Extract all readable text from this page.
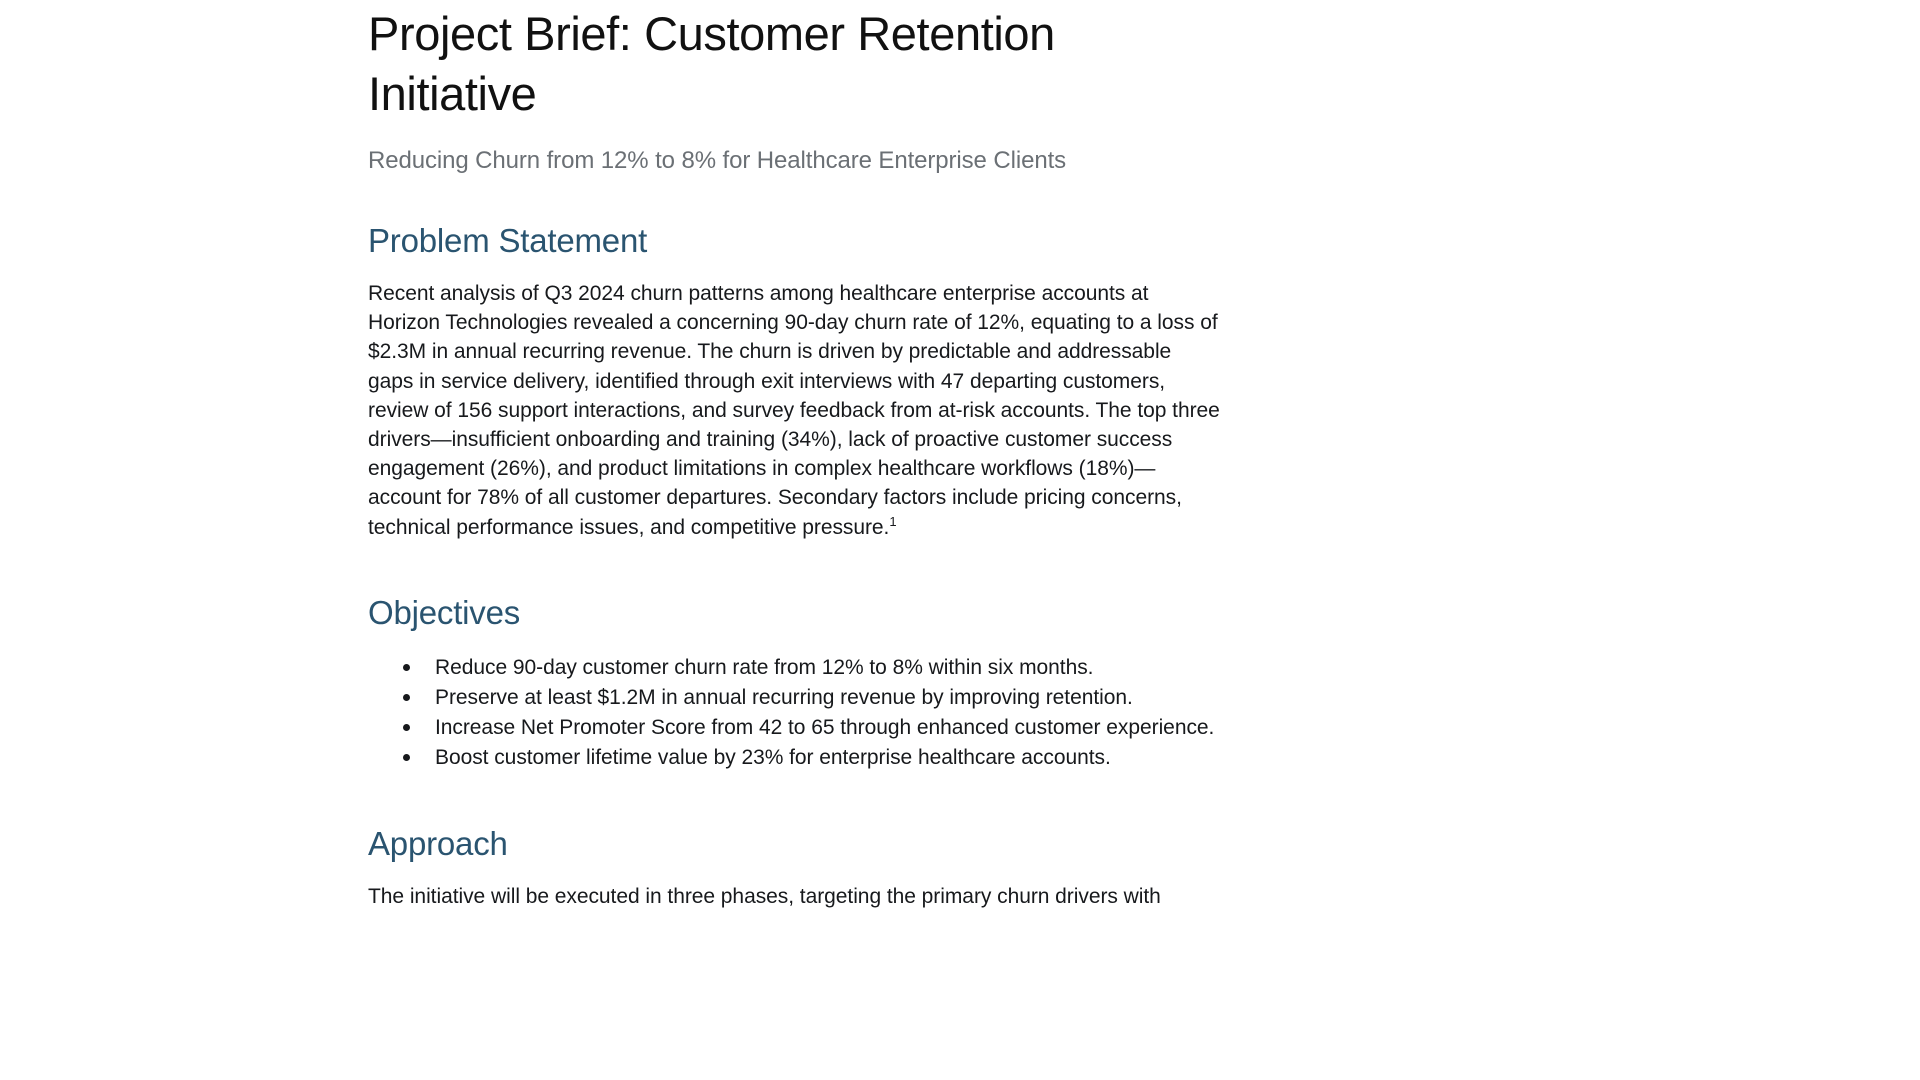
Project Brief: Customer Retention Initiative

Reducing Churn from 12% to 8% for Healthcare Enterprise Clients

Problem Statement

Recent analysis of Q3 2024 churn patterns among healthcare enterprise accounts at Horizon Technologies revealed a concerning 90-day churn rate of 12%, equating to a loss of $2.3M in annual recurring revenue. The churn is driven by predictable and addressable gaps in service delivery, identified through exit interviews with 47 departing customers, review of 156 support interactions, and survey feedback from at-risk accounts. The top three drivers—insufficient onboarding and training (34%), lack of proactive customer success engagement (26%), and product limitations in complex healthcare workflows (18%)—account for 78% of all customer departures. Secondary factors include pricing concerns, technical performance issues, and competitive pressure.$^1$

Objectives
Reduce 90-day customer churn rate from 12% to 8% within six months.
Preserve at least $1.2M in annual recurring revenue by improving retention.
Increase Net Promoter Score from 42 to 65 through enhanced customer experience.
Boost customer lifetime value by 23% for enterprise healthcare accounts.
Approach

The initiative will be executed in three phases, targeting the primary churn drivers with
